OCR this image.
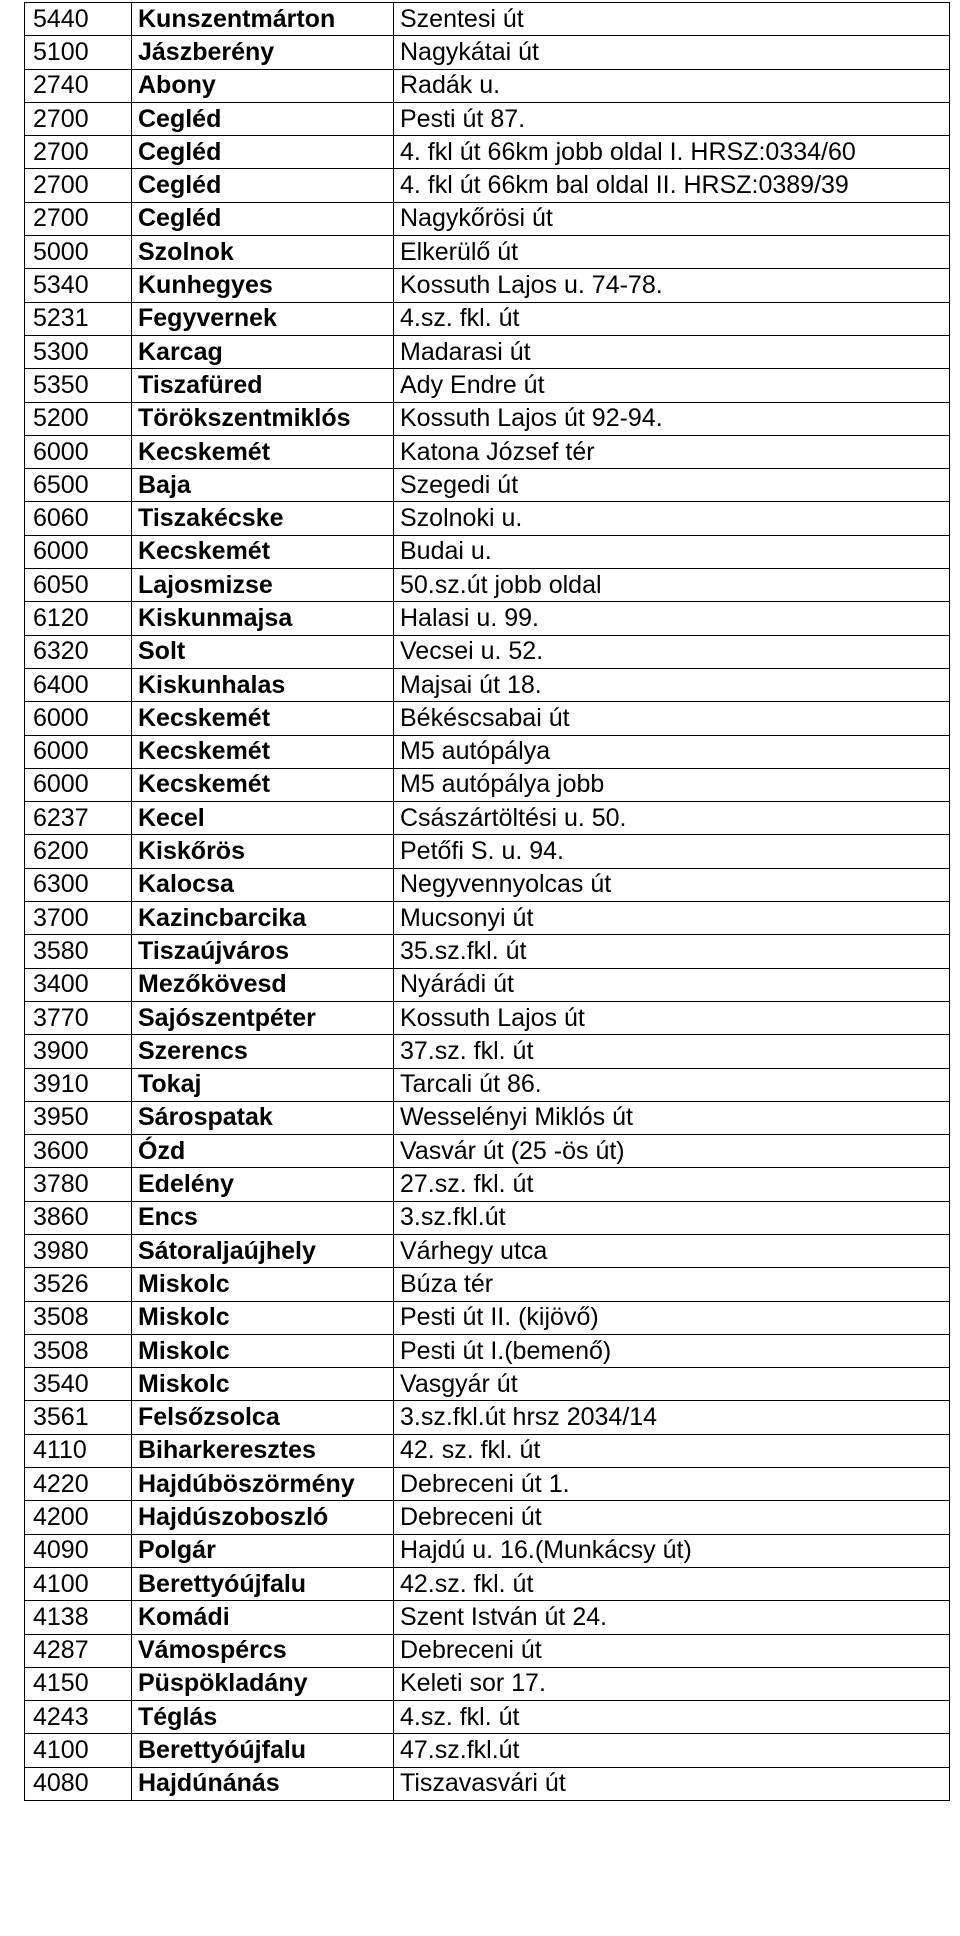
5440	Kunszentmárton	Szentesi út
5100	Jászberény	Nagykátai út
2740	Abony	Radák u.
2700	Cegléd	Pesti út 87.
2700	Cegléd	4. fkl út 66km jobb oldal I. HRSZ:0334/60
2700	Cegléd	4. fkl út 66km bal oldal II. HRSZ:0389/39
2700	Cegléd	Nagykőrösi út
5000	Szolnok	Elkerülő út
5340	Kunhegyes	Kossuth Lajos u. 74-78.
5231	Fegyvernek	4.sz. fkl. út
5300	Karcag	Madarasi út
5350	Tiszafüred	Ady Endre út
5200	Törökszentmiklós	Kossuth Lajos út 92-94.
6000	Kecskemét	Katona József tér
6500	Baja	Szegedi út
6060	Tiszakécske	Szolnoki u.
6000	Kecskemét	Budai u.
6050	Lajosmizse	50.sz.út jobb oldal
6120	Kiskunmajsa	Halasi u. 99.
6320	Solt	Vecsei u. 52.
6400	Kiskunhalas	Majsai út 18.
6000	Kecskemét	Békéscsabai út
6000	Kecskemét	M5 autópálya
6000	Kecskemét	M5 autópálya jobb
6237	Kecel	Császártöltési u. 50.
6200	Kiskőrös	Petőfi S. u. 94.
6300	Kalocsa	Negyvennyolcas út
3700	Kazincbarcika	Mucsonyi út
3580	Tiszaújváros	35.sz.fkl. út
3400	Mezőkövesd	Nyárádi út
3770	Sajószentpéter	Kossuth Lajos út
3900	Szerencs	37.sz. fkl. út
3910	Tokaj	Tarcali út 86.
3950	Sárospatak	Wesselényi Miklós út
3600	Ózd	Vasvár út (25 -ös út)
3780	Edelény	27.sz. fkl. út
3860	Encs	3.sz.fkl.út
3980	Sátoraljaújhely	Várhegy utca
3526	Miskolc	Búza tér
3508	Miskolc	Pesti út II. (kijövő)
3508	Miskolc	Pesti út I.(bemenő)
3540	Miskolc	Vasgyár út
3561	Felsőzsolca	3.sz.fkl.út hrsz 2034/14
4110	Biharkeresztes	42. sz. fkl. út
4220	Hajdúböszörmény	Debreceni út 1.
4200	Hajdúszoboszló	Debreceni út
4090	Polgár	Hajdú u. 16.(Munkácsy út)
4100	Berettyóújfalu	42.sz. fkl. út
4138	Komádi	Szent István út 24.
4287	Vámospércs	Debreceni út
4150	Püspökladány	Keleti sor 17.
4243	Téglás	4.sz. fkl. út
4100	Berettyóújfalu	47.sz.fkl.út
4080	Hajdúnánás	Tiszavasvári út
